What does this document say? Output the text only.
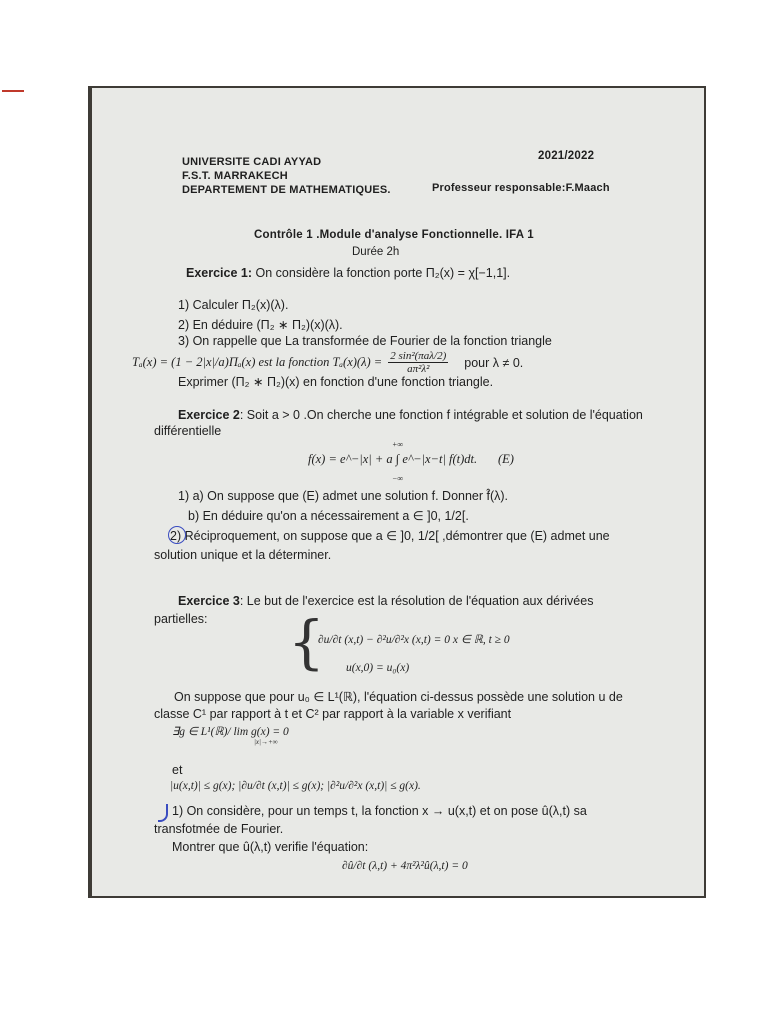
UNIVERSITE CADI AYYAD
F.S.T. MARRAKECH
DEPARTEMENT DE MATHEMATIQUES.
2021/2022
Professeur responsable:F.Maach
Contrôle 1 .Module d'analyse Fonctionnelle. IFA 1
Durée 2h
Exercice 1: On considère la fonction porte Π₂(x) = χ[−1,1].
1) Calculer Π₂(x)(λ).
2) En déduire (Π₂ ∗ Π₂)(x)(λ).
3) On rappelle que La transformée de Fourier de la fonction triangle
Tₐ(x) = (1 − 2|x|/a)Πₐ(x) est la fonction $T_a(x)(\lambda) = \frac{\text{2 sin²(πaλ/2)}}{\text{aπ²λ²}}$ pour λ ≠ 0.
Exprimer (Π₂ ∗ Π₂)(x) en fonction d'une fonction triangle.
Exercice 2: Soit a > 0 .On cherche une fonction f intégrable et solution de l'équation
différentielle
+∞
f(x) = e^−|x| + a ∫ e^−|x−t| f(t)dt.
−∞
(E)
1) a) On suppose que (E) admet une solution f. Donner f̂(λ).
b) En déduire qu'on a nécessairement a ∈ ]0, 1/2[.
2) Réciproquement, on suppose que a ∈ ]0, 1/2[ ,démontrer que (E) admet une
solution unique et la déterminer.
Exercice 3: Le but de l'exercice est la résolution de l'équation aux dérivées
partielles: {
∂u/∂t (x,t) − ∂²u/∂²x (x,t) = 0 x ∈ ℝ, t ≥ 0
u(x,0) = u₀(x)
On suppose que pour u₀ ∈ L¹(ℝ), l'équation ci-dessus possède une solution u de
classe C¹ par rapport à t et C² par rapport à la variable x verifiant
∃g ∈ L¹(ℝ)/ lim g(x) = 0
|x|→+∞
et
|u(x,t)| ≤ g(x); |∂u/∂t (x,t)| ≤ g(x); |∂²u/∂²x (x,t)| ≤ g(x).
1) On considère, pour un temps t, la fonction x → u(x,t) et on pose û(λ,t) sa
transfotmée de Fourier.
Montrer que û(λ,t) verifie l'équation:
∂û/∂t (λ,t) + 4π²λ²û(λ,t) = 0
